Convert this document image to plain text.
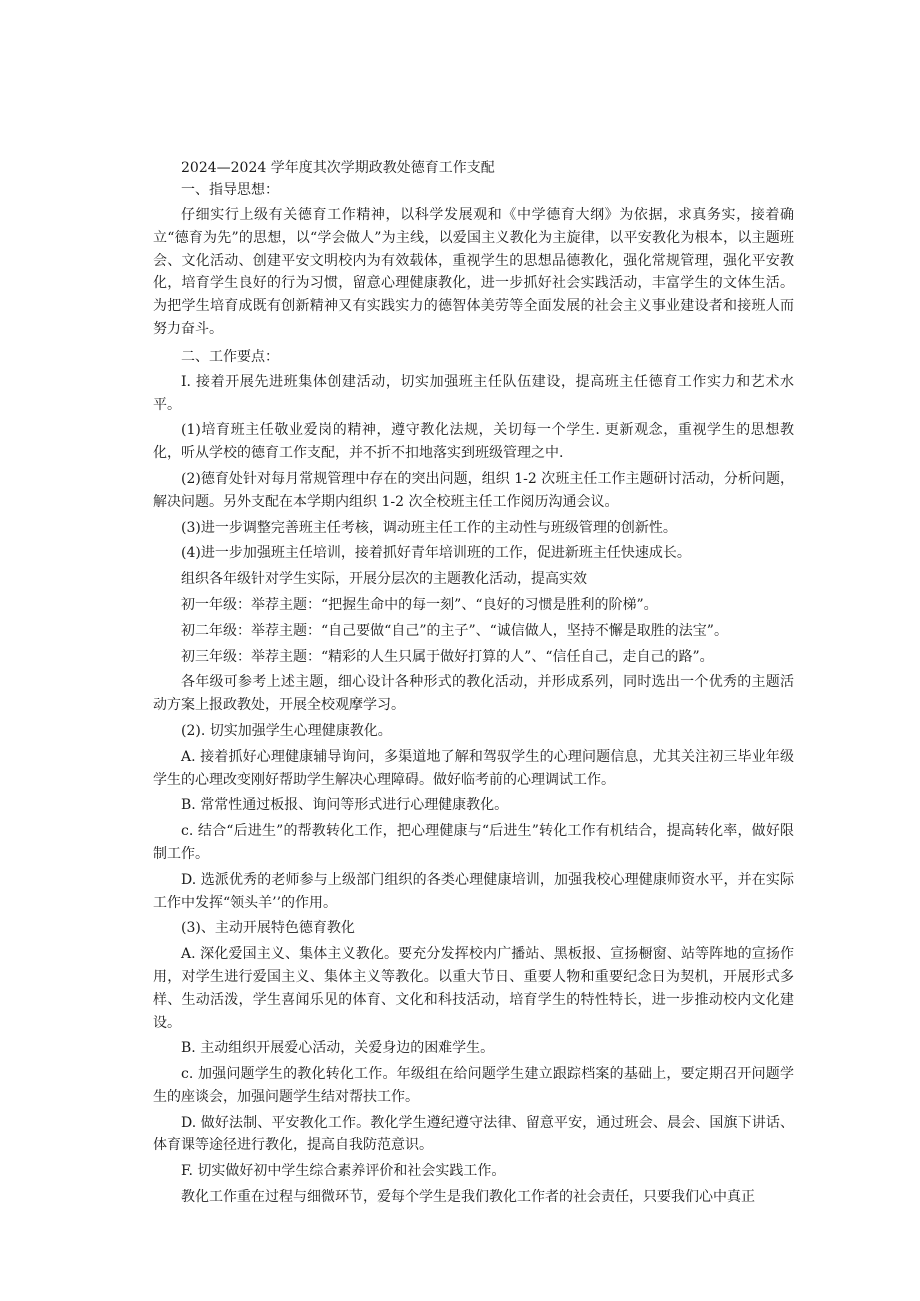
2024—2024 学年度其次学期政教处德育工作支配

一、指导思想：

仔细实行上级有关德育工作精神，以科学发展观和《中学德育大纲》为依据，求真务实，接着确立“德育为先”的思想，以“学会做人”为主线，以爱国主义教化为主旋律，以平安教化为根本，以主题班会、文化活动、创建平安文明校内为有效载体，重视学生的思想品德教化，强化常规管理，强化平安教化，培育学生良好的行为习惯，留意心理健康教化，进一步抓好社会实践活动，丰富学生的文体生活。为把学生培育成既有创新精神又有实践实力的德智体美劳等全面发展的社会主义事业建设者和接班人而努力奋斗。

二、工作要点：

I. 接着开展先进班集体创建活动，切实加强班主任队伍建设，提高班主任德育工作实力和艺术水平。

(1)培育班主任敬业爱岗的精神，遵守教化法规，关切每一个学生. 更新观念，重视学生的思想教化，听从学校的德育工作支配，并不折不扣地落实到班级管理之中.

(2)德育处针对每月常规管理中存在的突出问题，组织 1-2 次班主任工作主题研讨活动，分析问题，解决问题。另外支配在本学期内组织 1-2 次全校班主任工作阅历沟通会议。

(3)进一步调整完善班主任考核，调动班主任工作的主动性与班级管理的创新性。

(4)进一步加强班主任培训，接着抓好青年培训班的工作，促进新班主任快速成长。

组织各年级针对学生实际，开展分层次的主题教化活动，提高实效

初一年级：举荐主题：“把握生命中的每一刻”、“良好的习惯是胜利的阶梯”。

初二年级：举荐主题：“自己要做“自己”的主子”、“诚信做人，坚持不懈是取胜的法宝”。

初三年级：举荐主题：“精彩的人生只属于做好打算的人”、“信任自己，走自己的路”。

各年级可参考上述主题，细心设计各种形式的教化活动，并形成系列，同时选出一个优秀的主题活动方案上报政教处，开展全校观摩学习。

(2). 切实加强学生心理健康教化。

A. 接着抓好心理健康辅导询问，多渠道地了解和驾驭学生的心理问题信息，尤其关注初三毕业年级学生的心理改变刚好帮助学生解决心理障碍。做好临考前的心理调试工作。

B. 常常性通过板报、询问等形式进行心理健康教化。

c. 结合“后进生”的帮教转化工作，把心理健康与“后进生”转化工作有机结合，提高转化率，做好限制工作。

D. 选派优秀的老师参与上级部门组织的各类心理健康培训，加强我校心理健康师资水平，并在实际工作中发挥“领头羊’’的作用。

(3)、主动开展特色德育教化

A. 深化爱国主义、集体主义教化。要充分发挥校内广播站、黑板报、宣扬橱窗、站等阵地的宣扬作用，对学生进行爱国主义、集体主义等教化。以重大节日、重要人物和重要纪念日为契机，开展形式多样、生动活泼，学生喜闻乐见的体育、文化和科技活动，培育学生的特性特长，进一步推动校内文化建设。

B. 主动组织开展爱心活动，关爱身边的困难学生。

c. 加强问题学生的教化转化工作。年级组在给问题学生建立跟踪档案的基础上，要定期召开问题学生的座谈会，加强问题学生结对帮扶工作。

D. 做好法制、平安教化工作。教化学生遵纪遵守法律、留意平安，通过班会、晨会、国旗下讲话、体育课等途径进行教化，提高自我防范意识。

F. 切实做好初中学生综合素养评价和社会实践工作。

教化工作重在过程与细微环节，爱每个学生是我们教化工作者的社会责任，只要我们心中真正
